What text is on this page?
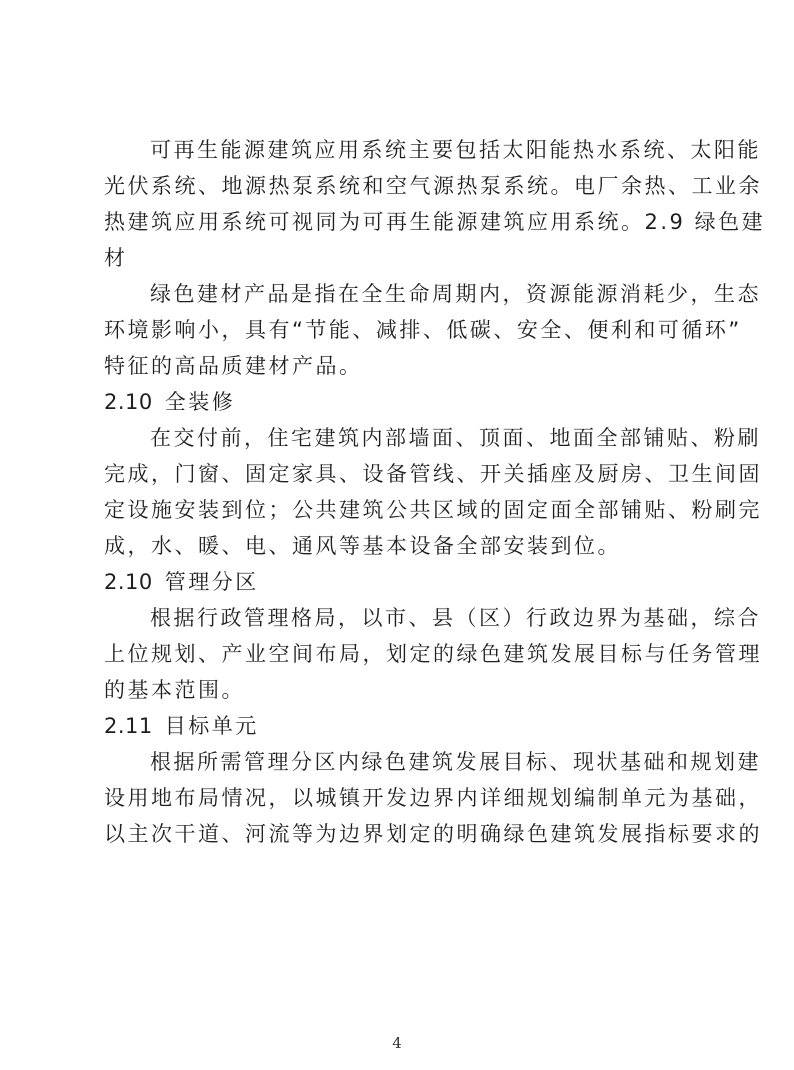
可再生能源建筑应用系统主要包括太阳能热水系统、太阳能
光伏系统、地源热泵系统和空气源热泵系统。电厂余热、工业余
热建筑应用系统可视同为可再生能源建筑应用系统。2.9 绿色建
材
绿色建材产品是指在全生命周期内，资源能源消耗少，生态
环境影响小，具有“节能、减排、低碳、安全、便利和可循环”
特征的高品质建材产品。
2.10 全装修
在交付前，住宅建筑内部墙面、顶面、地面全部铺贴、粉刷
完成，门窗、固定家具、设备管线、开关插座及厨房、卫生间固
定设施安装到位；公共建筑公共区域的固定面全部铺贴、粉刷完
成，水、暖、电、通风等基本设备全部安装到位。
2.10 管理分区
根据行政管理格局，以市、县（区）行政边界为基础，综合
上位规划、产业空间布局，划定的绿色建筑发展目标与任务管理
的基本范围。
2.11 目标单元
根据所需管理分区内绿色建筑发展目标、现状基础和规划建
设用地布局情况，以城镇开发边界内详细规划编制单元为基础，
以主次干道、河流等为边界划定的明确绿色建筑发展指标要求的
4
